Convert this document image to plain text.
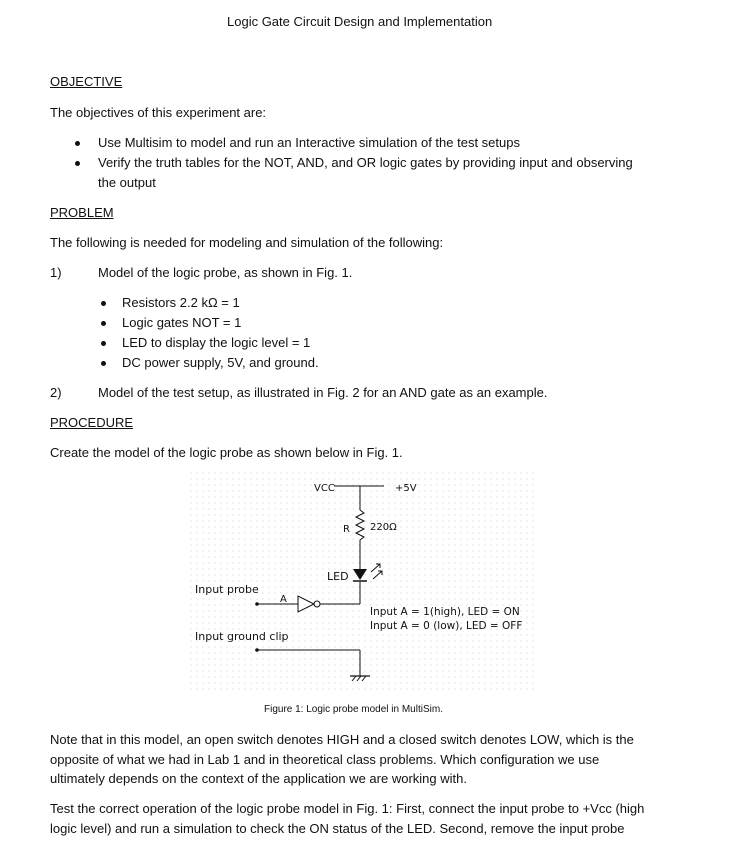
Logic Gate Circuit Design and Implementation
OBJECTIVE
The objectives of this experiment are:
Use Multisim to model and run an Interactive simulation of the test setups
Verify the truth tables for the NOT, AND, and OR logic gates by providing input and observing
the output
PROBLEM
The following is needed for modeling and simulation of the following:
1)	Model of the logic probe, as shown in Fig. 1.
Resistors 2.2 kΩ = 1
Logic gates NOT = 1
LED to display the logic level = 1
DC power supply, 5V, and ground.
2)	Model of the test setup, as illustrated in Fig. 2 for an AND gate as an example.
PROCEDURE
Create the model of the logic probe as shown below in Fig. 1.
VCC	+5V
R 220Ω
LED
Input probe
A
Input A = 1(high), LED = ON
Input A = 0 (low), LED = OFF
Input ground clip
Figure 1: Logic probe model in MultiSim.
Note that in this model, an open switch denotes HIGH and a closed switch denotes LOW, which is the
opposite of what we had in Lab 1 and in theoretical class problems. Which configuration we use
ultimately depends on the context of the application we are working with.
Test the correct operation of the logic probe model in Fig. 1: First, connect the input probe to +Vcc (high
logic level) and run a simulation to check the ON status of the LED. Second, remove the input probe
